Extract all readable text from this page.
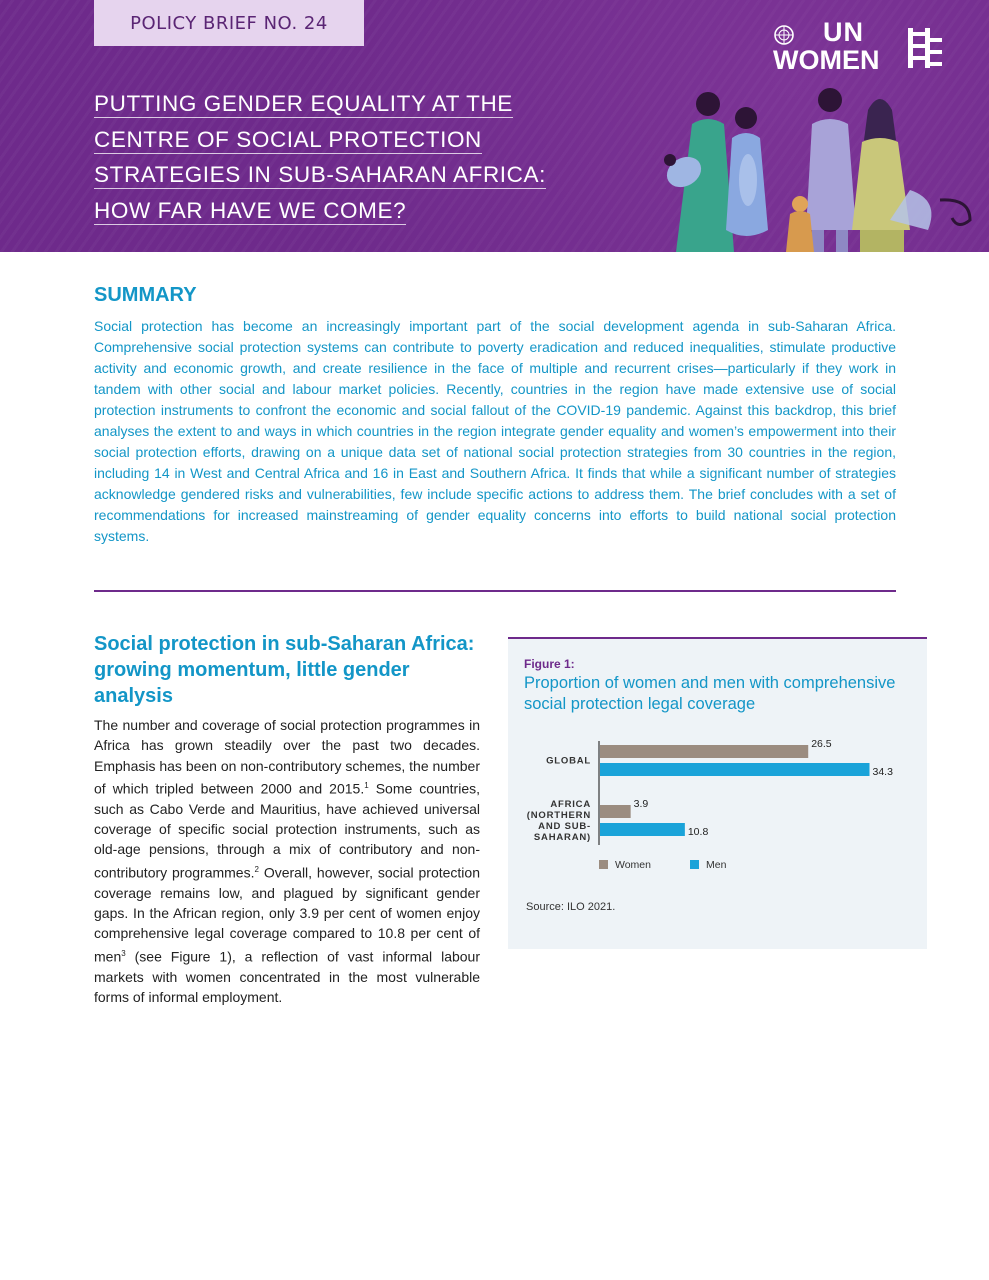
POLICY BRIEF NO. 24	UN
WOMEN
PUTTING GENDER EQUALITY AT THE
CENTRE OF SOCIAL PROTECTION
STRATEGIES IN SUB-SAHARAN AFRICA:
HOW FAR HAVE WE COME?
SUMMARY

Social protection has become an increasingly important part of the social development agenda in sub-Saharan Africa. Comprehensive social protection systems can contribute to poverty eradication and reduced inequalities, stimulate productive activity and economic growth, and create resilience in the face of multiple and recurrent crises—particularly if they work in tandem with other social and labour market policies. Recently, countries in the region have made extensive use of social protection instruments to confront the economic and social fallout of the COVID-19 pandemic. Against this backdrop, this brief analyses the extent to and ways in which countries in the region integrate gender equality and women’s empowerment into their social protection efforts, drawing on a unique data set of national social protection strategies from 30 countries in the region, including 14 in West and Central Africa and 16 in East and Southern Africa. It finds that while a significant number of strategies acknowledge gendered risks and vulnerabilities, few include specific actions to address them. The brief concludes with a set of recommendations for increased mainstreaming of gender equality concerns into efforts to build national social protection systems.

Social protection in sub-Saharan Africa: growing momentum, little gender analysis

The number and coverage of social protection programmes in Africa has grown steadily over the past two decades. Emphasis has been on non-contributory schemes, the number of which tripled between 2000 and 2015.$^1$ Some countries, such as Cabo Verde and Mauritius, have achieved universal coverage of specific social protection instruments, such as old-age pensions, through a mix of contributory and non-contributory programmes.$^2$ Overall, however, social protection coverage remains low, and plagued by significant gender gaps. In the African region, only 3.9 per cent of women enjoy comprehensive legal coverage compared to 10.8 per cent of men$^3$ (see Figure 1), a reflection of vast informal labour markets with women concentrated in the most vulnerable forms of informal employment.

Figure 1:
Proportion of women and men with comprehensive social protection legal coverage
GLOBAL
26.5
34.3
AFRICA
(NORTHERN
AND SUB-
SAHARAN)
3.9
10.8
Women	Men
Source: ILO 2021.
